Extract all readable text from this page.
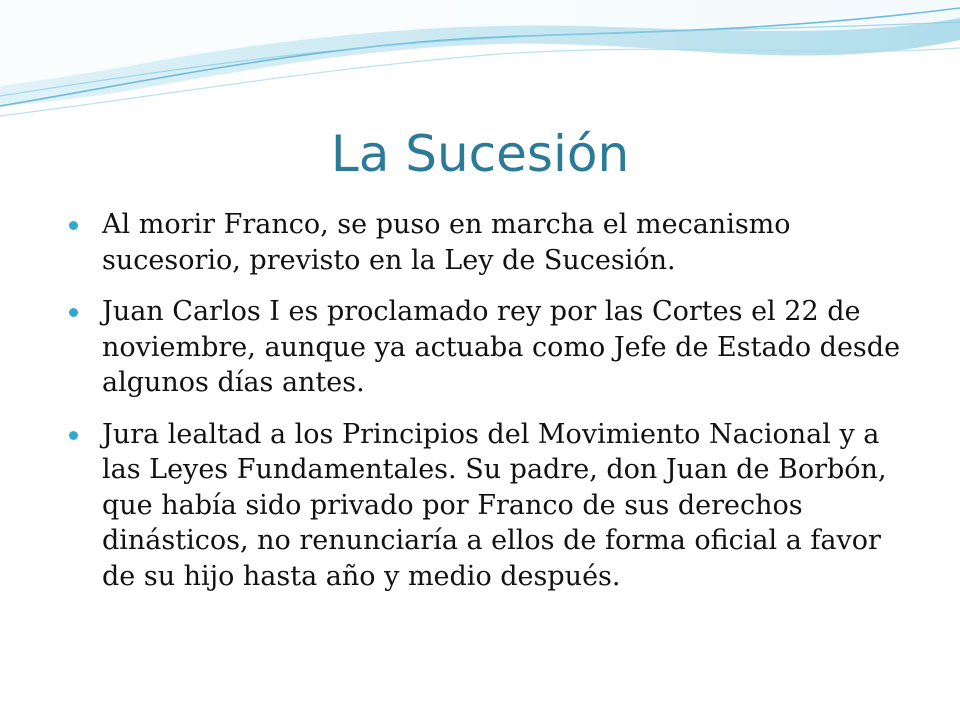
La Sucesión
Al morir Franco, se puso en marcha el mecanismo sucesorio, previsto en la Ley de Sucesión.
Juan Carlos I es proclamado rey por las Cortes el 22 de noviembre, aunque ya actuaba como Jefe de Estado desde algunos días antes.
Jura lealtad a los Principios del Movimiento Nacional y a las Leyes Fundamentales. Su padre, don Juan de Borbón, que había sido privado por Franco de sus derechos dinásticos, no renunciaría a ellos de forma oficial a favor de su hijo hasta año y medio después.
